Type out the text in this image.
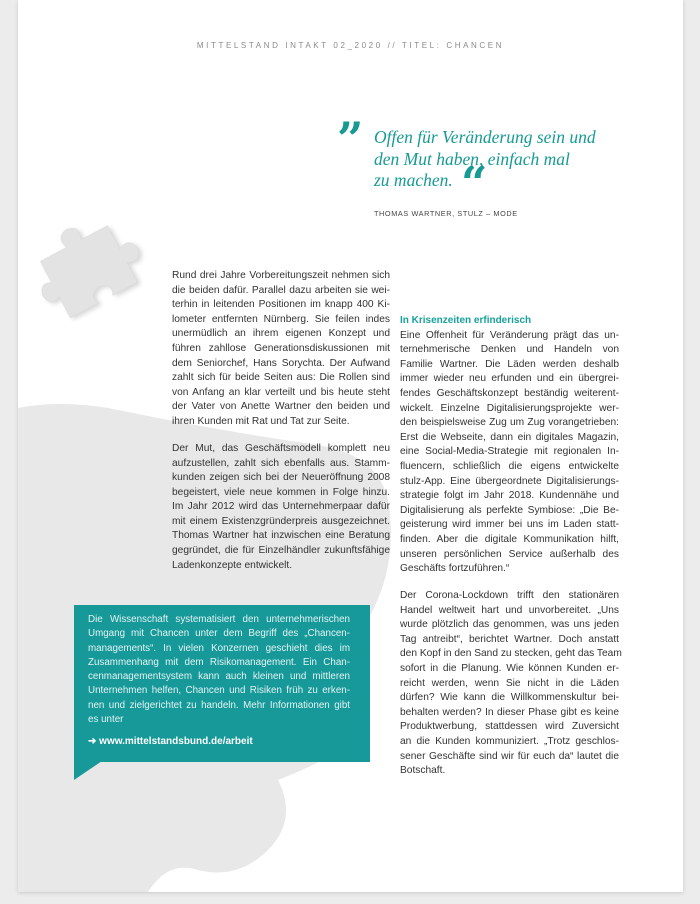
MITTELSTAND INTAKT 02_2020 // TITEL: CHANCEN
” Offen für Veränderung sein und
den Mut haben, einfach mal
zu machen. “
THOMAS WARTNER, STULZ – MODE
Rund drei Jahre Vorbereitungszeit nehmen sich
die beiden dafür. Parallel dazu arbeiten sie wei-
terhin in leitenden Positionen im knapp 400 Ki-
lometer entfernten Nürnberg. Sie feilen indes
unermüdlich an ihrem eigenen Konzept und
führen zahllose Generationsdiskussionen mit
dem Seniorchef, Hans Sorychta. Der Aufwand
zahlt sich für beide Seiten aus: Die Rollen sind
von Anfang an klar verteilt und bis heute steht
der Vater von Anette Wartner den beiden und
ihren Kunden mit Rat und Tat zur Seite.
Der Mut, das Geschäftsmodell komplett neu
aufzustellen, zahlt sich ebenfalls aus. Stamm-
kunden zeigen sich bei der Neueröffnung 2008
begeistert, viele neue kommen in Folge hinzu.
Im Jahr 2012 wird das Unternehmerpaar dafür
mit einem Existenzgründerpreis ausgezeichnet.
Thomas Wartner hat inzwischen eine Beratung
gegründet, die für Einzelhändler zukunftsfähige
Ladenkonzepte entwickelt.
In Krisenzeiten erfinderisch
Eine Offenheit für Veränderung prägt das un-
ternehmerische Denken und Handeln von
Familie Wartner. Die Läden werden deshalb
immer wieder neu erfunden und ein übergrei-
fendes Geschäftskonzept beständig weiterent-
wickelt. Einzelne Digitalisierungsprojekte wer-
den beispielsweise Zug um Zug vorangetrieben:
Erst die Webseite, dann ein digitales Magazin,
eine Social-Media-Strategie mit regionalen In-
fluencern, schließlich die eigens entwickelte
stulz-App. Eine übergeordnete Digitalisierungs-
strategie folgt im Jahr 2018. Kundennähe und
Digitalisierung als perfekte Symbiose: „Die Be-
geisterung wird immer bei uns im Laden statt-
finden. Aber die digitale Kommunikation hilft,
unseren persönlichen Service außerhalb des
Geschäfts fortzuführen.“
Der Corona-Lockdown trifft den stationären
Handel weltweit hart und unvorbereitet. „Uns
wurde plötzlich das genommen, was uns jeden
Tag antreibt“, berichtet Wartner. Doch anstatt
den Kopf in den Sand zu stecken, geht das Team
sofort in die Planung. Wie können Kunden er-
reicht werden, wenn Sie nicht in die Läden
dürfen? Wie kann die Willkommenskultur bei-
behalten werden? In dieser Phase gibt es keine
Produktwerbung, stattdessen wird Zuversicht
an die Kunden kommuniziert. „Trotz geschlos-
sener Geschäfte sind wir für euch da“ lautet die
Botschaft.
Die Wissenschaft systematisiert den unternehmerischen
Umgang mit Chancen unter dem Begriff des „Chancen-
managements“. In vielen Konzernen geschieht dies im
Zusammenhang mit dem Risikomanagement. Ein Chan-
cenmanagementsystem kann auch kleinen und mittleren
Unternehmen helfen, Chancen und Risiken früh zu erken-
nen und zielgerichtet zu handeln. Mehr Informationen gibt
es unter
➜ www.mittelstandsbund.de/arbeit
